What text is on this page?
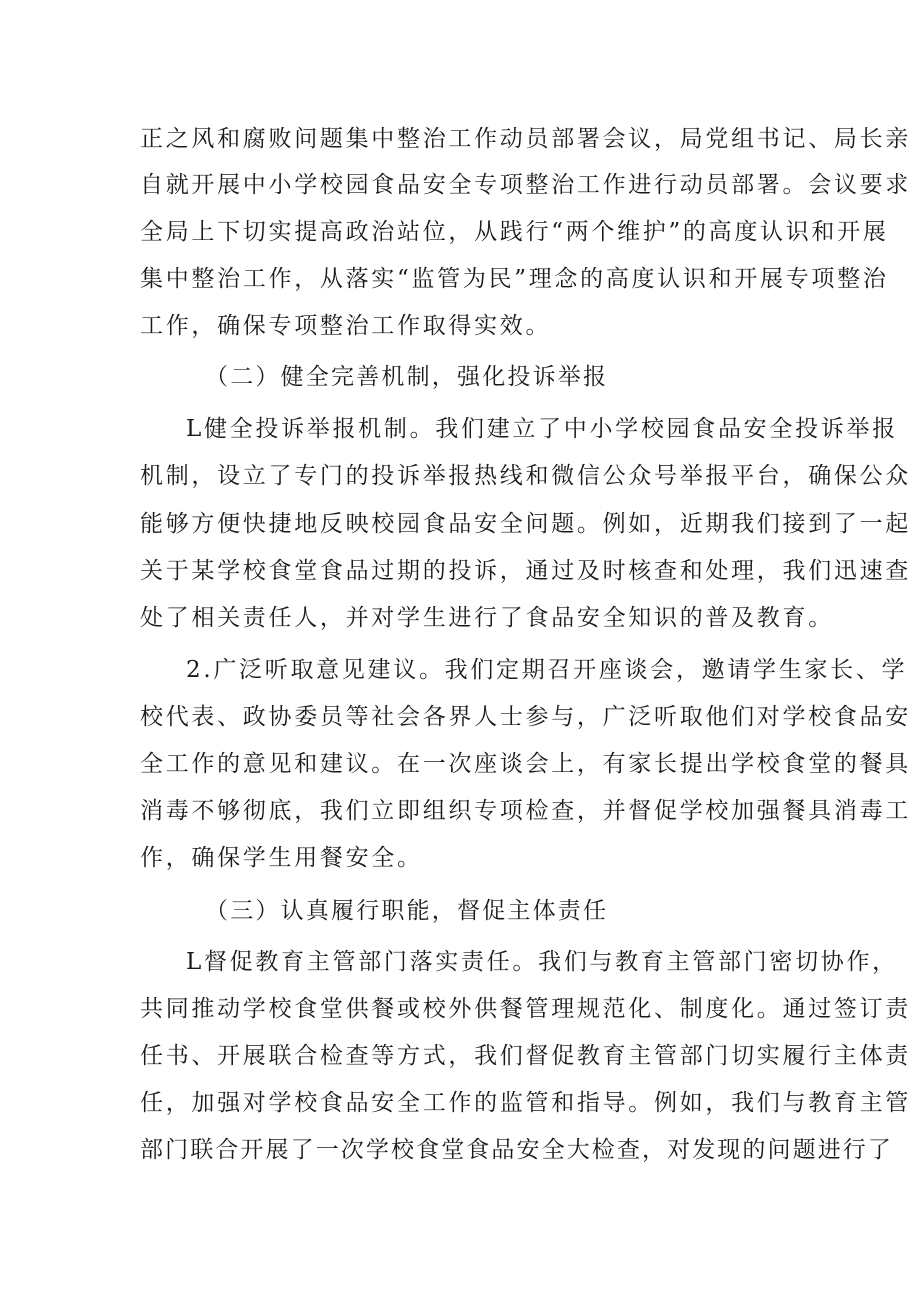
正之风和腐败问题集中整治工作动员部署会议，局党组书记、局长亲
自就开展中小学校园食品安全专项整治工作进行动员部署。会议要求
全局上下切实提高政治站位，从践行“两个维护”的高度认识和开展
集中整治工作，从落实“监管为民”理念的高度认识和开展专项整治
工作，确保专项整治工作取得实效。
（二）健全完善机制，强化投诉举报
L健全投诉举报机制。我们建立了中小学校园食品安全投诉举报
机制，设立了专门的投诉举报热线和微信公众号举报平台，确保公众
能够方便快捷地反映校园食品安全问题。例如，近期我们接到了一起
关于某学校食堂食品过期的投诉，通过及时核查和处理，我们迅速查
处了相关责任人，并对学生进行了食品安全知识的普及教育。
2.广泛听取意见建议。我们定期召开座谈会，邀请学生家长、学
校代表、政协委员等社会各界人士参与，广泛听取他们对学校食品安
全工作的意见和建议。在一次座谈会上，有家长提出学校食堂的餐具
消毒不够彻底，我们立即组织专项检查，并督促学校加强餐具消毒工
作，确保学生用餐安全。
（三）认真履行职能，督促主体责任
L督促教育主管部门落实责任。我们与教育主管部门密切协作，
共同推动学校食堂供餐或校外供餐管理规范化、制度化。通过签订责
任书、开展联合检查等方式，我们督促教育主管部门切实履行主体责
任，加强对学校食品安全工作的监管和指导。例如，我们与教育主管
部门联合开展了一次学校食堂食品安全大检查，对发现的问题进行了
